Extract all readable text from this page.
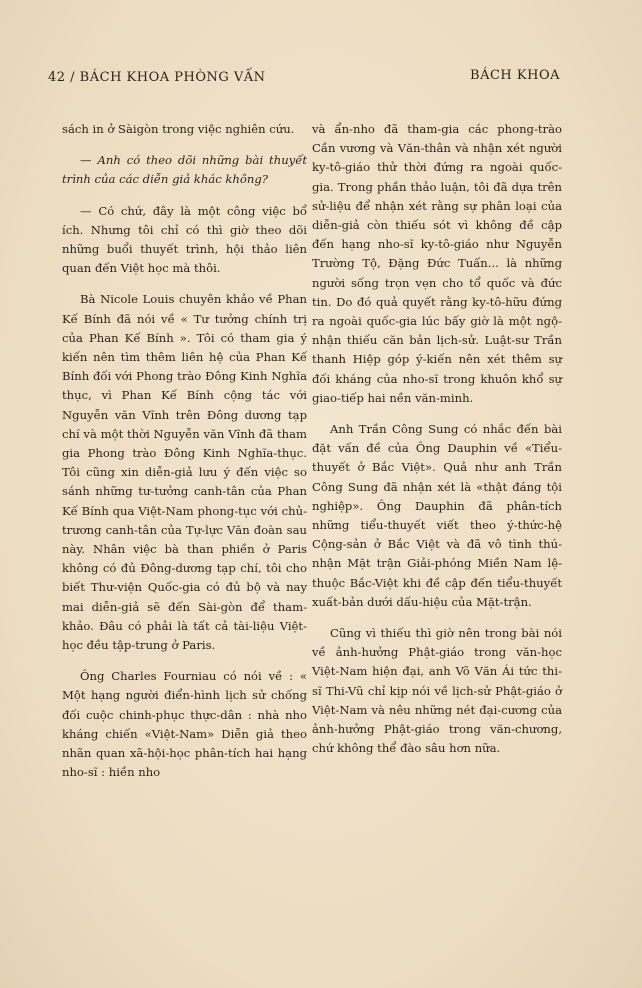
42 / BÁCH KHOA PHÒNG VẤN	BÁCH KHOA

sách in ở Sàigòn trong việc nghiên cứu.

— Anh có theo dõi những bài thuyết trình của các diễn giả khác không?

— Có chứ, đây là một công việc bổ ích. Nhưng tôi chỉ có thì giờ theo dõi những buổi thuyết trình, hội thảo liên quan đến Việt học mà thôi.

Bà Nicole Louis chuyên khảo về Phan Kế Bính đã nói về « Tư tưởng chính trị của Phan Kế Bính ». Tôi có tham gia ý kiến nên tìm thêm liên hệ của Phan Kế Bính đối với Phong trào Đông Kinh Nghĩa thục, vì Phan Kế Bính cộng tác với Nguyễn văn Vĩnh trên Đông dương tạp chí và một thời Nguyễn văn Vĩnh đã tham gia Phong trào Đông Kinh Nghĩa-thục. Tôi cũng xin diễn-giả lưu ý đến việc so sánh những tư-tưởng canh-tân của Phan Kế Bính qua Việt-Nam phong-tục với chủ-trương canh-tân của Tự-lực Văn đoàn sau này. Nhân việc bà than phiền ở Paris không có đủ Đông-dương tạp chí, tôi cho biết Thư-viện Quốc-gia có đủ bộ và nay mai diễn-giả sẽ đến Sài-gòn để tham-khảo. Đâu có phải là tất cả tài-liệu Việt-học đều tập-trung ở Paris.

Ông Charles Fourniau có nói về : « Một hạng người điển-hình lịch sử chống đối cuộc chinh-phục thực-dân : nhà nho kháng chiến «Việt-Nam» Diễn giả theo nhãn quan xã-hội-học phân-tích hai hạng nho-sĩ : hiền nho

và ẩn-nho đã tham-gia các phong-trào Cần vương và Văn-thân và nhận xét người ky-tô-giáo thử thời đứng ra ngoài quốc-gia. Trong phần thảo luận, tôi đã dựa trên sử-liệu để nhận xét rằng sự phân loại của diễn-giả còn thiếu sót vì không đề cập đến hạng nho-sĩ ky-tô-giáo như Nguyễn Trường Tộ, Đặng Đức Tuấn... là những người sống trọn vẹn cho tổ quốc và đức tin. Do đó quả quyết rằng ky-tô-hữu đứng ra ngoài quốc-gia lúc bấy giờ là một ngộ-nhận thiếu căn bản lịch-sử. Luật-sư Trần thanh Hiệp góp ý-kiến nên xét thêm sự đối kháng của nho-sĩ trong khuôn khổ sự giao-tiếp hai nền văn-minh.

Anh Trần Công Sung có nhắc đến bài đặt vấn đề của Ông Dauphin về «Tiểu-thuyết ở Bắc Việt». Quả như anh Trần Công Sung đã nhận xét là «thật đáng tội nghiệp». Ông Dauphin đã phân-tích những tiểu-thuyết viết theo ý-thức-hệ Cộng-sản ở Bắc Việt và đã vô tình thú-nhận Mặt trận Giải-phóng Miền Nam lệ-thuộc Bắc-Việt khi đề cập đến tiểu-thuyết xuất-bản dưới dấu-hiệu của Mặt-trận.

Cũng vì thiếu thì giờ nên trong bài nói về ảnh-hưởng Phật-giáo trong văn-học Việt-Nam hiện đại, anh Võ Văn Ái tức thi-sĩ Thi-Vũ chỉ kịp nói về lịch-sử Phật-giáo ở Việt-Nam và nêu những nét đại-cương của ảnh-hưởng Phật-giáo trong văn-chương, chứ không thể đào sâu hơn nữa.
